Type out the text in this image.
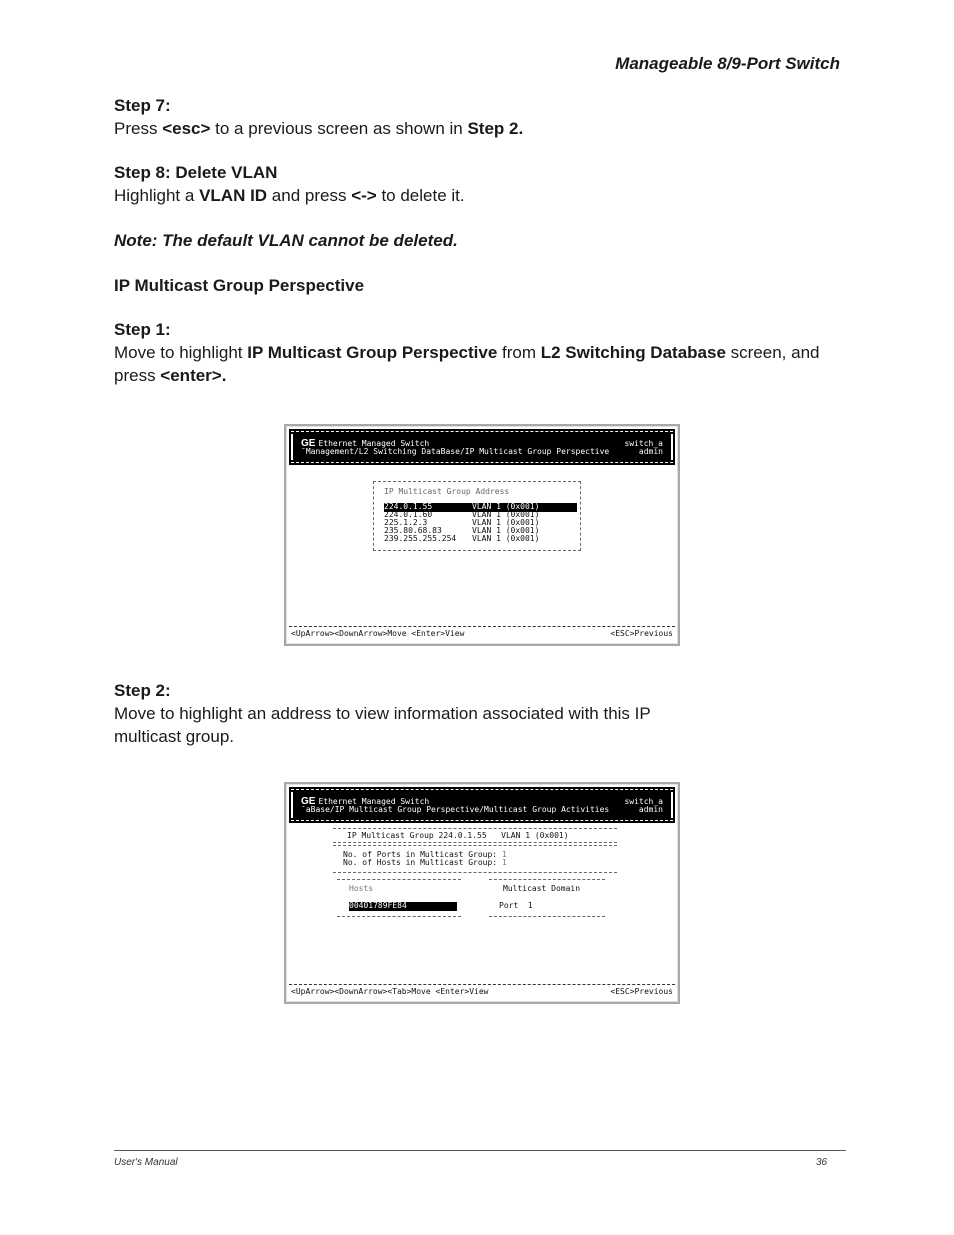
Manageable 8/9-Port Switch
Step 7:
Press <esc> to a previous screen as shown in Step 2.
Step 8: Delete VLAN
Highlight a VLAN ID and press <-> to delete it.
Note: The default VLAN cannot be deleted.
IP Multicast Group Perspective
Step 1:
Move to highlight IP Multicast Group Perspective from L2 Switching Database screen, and press <enter>.
GE Ethernet Managed Switch
¯Management/L2 Switching DataBase/IP Multicast Group Perspective
switch_a
admin
IP Multicast Group Address
224.0.1.55	VLAN 1 (0x001)
224.0.1.60	VLAN 1 (0x001)
225.1.2.3	VLAN 1 (0x001)
235.80.68.83	VLAN 1 (0x001)
239.255.255.254 VLAN 1 (0x001)
<UpArrow><DownArrow>Move <Enter>View	<ESC>Previous
Step 2:
Move to highlight an address to view information associated with this IP multicast group.
GE Ethernet Managed Switch
¯aBase/IP Multicast Group Perspective/Multicast Group Activities
switch_a
admin
IP Multicast Group 224.0.1.55   VLAN 1 (0x001)
No. of Ports in Multicast Group: 1
No. of Hosts in Multicast Group: 1
Hosts
00401789FE84
Multicast Domain
Port  1
<UpArrow><DownArrow><Tab>Move <Enter>View	<ESC>Previous
User's Manual	36
